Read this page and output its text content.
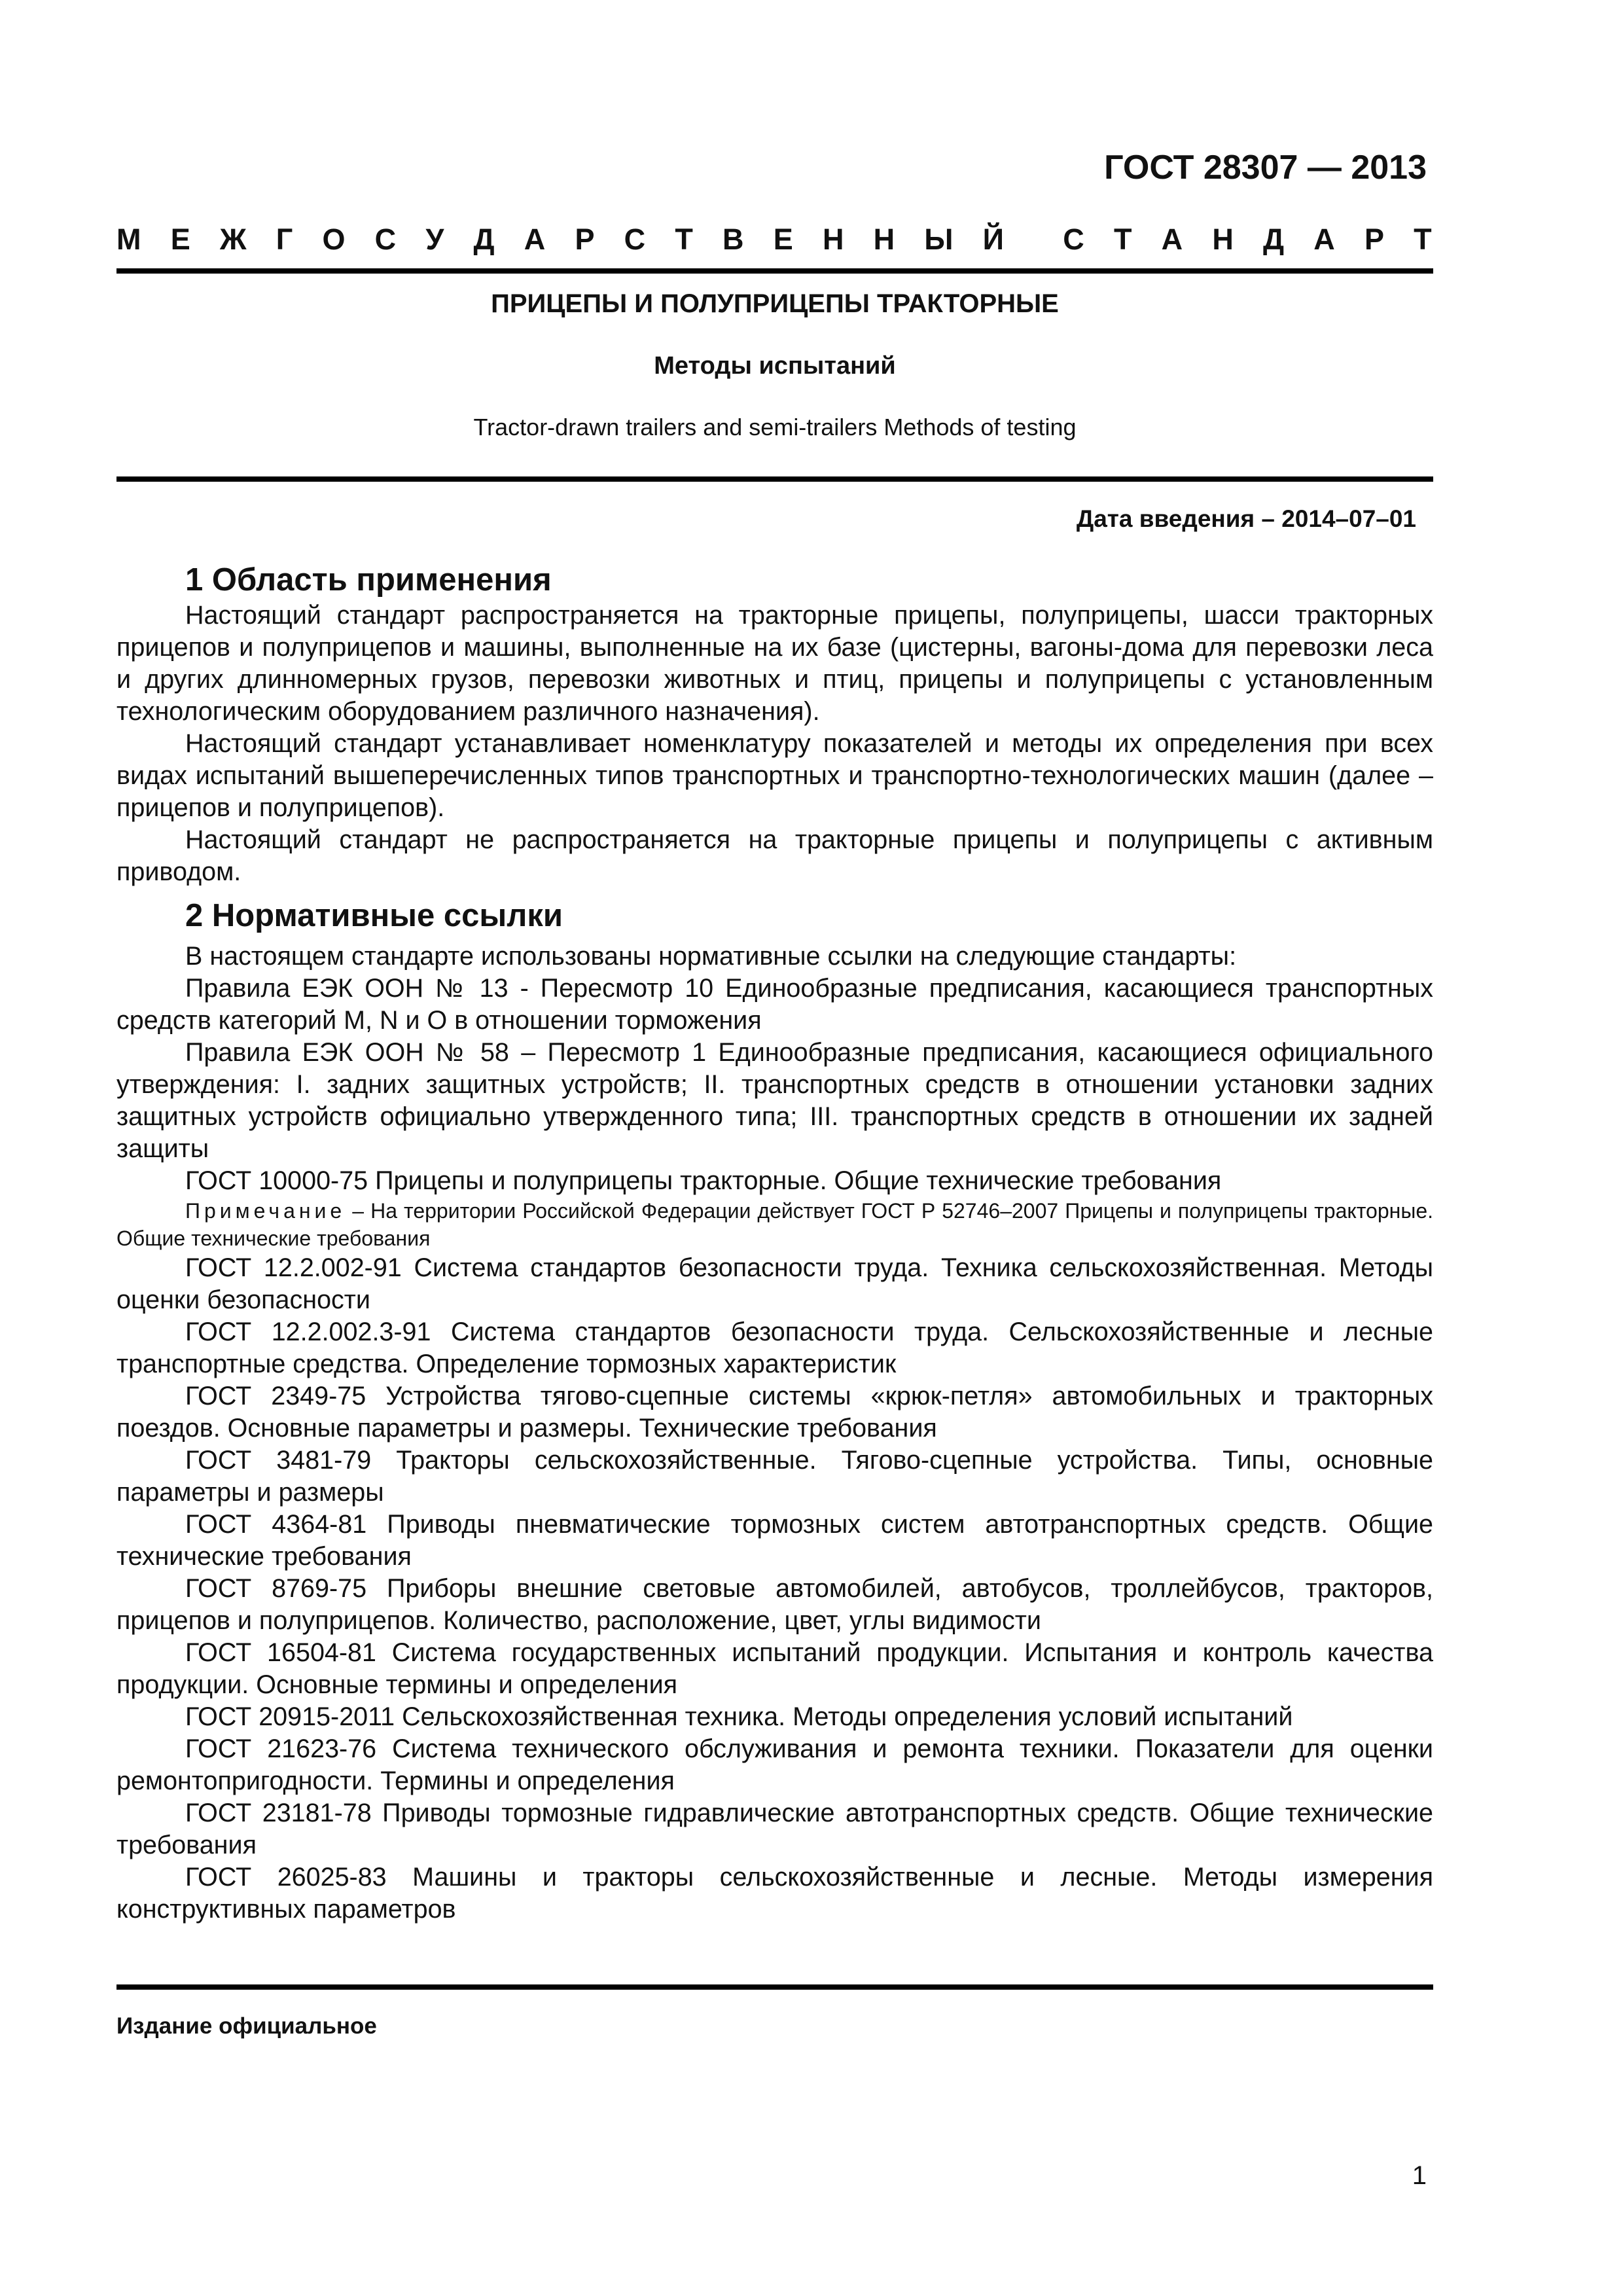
ГОСТ 28307 — 2013
М Е Ж Г О С У Д А Р С Т В Е Н Н Ы Й С Т А Н Д А Р Т
ПРИЦЕПЫ И ПОЛУПРИЦЕПЫ ТРАКТОРНЫЕ
Методы испытаний
Tractor-drawn trailers and semi-trailers Methods of testing
Дата введения – 2014–07–01
1 Область применения

Настоящий стандарт распространяется на тракторные прицепы, полуприцепы, шасси тракторных прицепов и полуприцепов и машины, выполненные на их базе (цистерны, вагоны-дома для перевозки леса и других длинномерных грузов, перевозки животных и птиц, прицепы и полуприцепы с установленным технологическим оборудованием различного назначения).

Настоящий стандарт устанавливает номенклатуру показателей и методы их определения при всех видах испытаний вышеперечисленных типов транспортных и транспортно-технологических машин (далее – прицепов и полуприцепов).

Настоящий стандарт не распространяется на тракторные прицепы и полуприцепы с активным приводом.

2 Нормативные ссылки

В настоящем стандарте использованы нормативные ссылки на следующие стандарты:

Правила ЕЭК ООН № 13 - Пересмотр 10 Единообразные предписания, касающиеся транспортных средств категорий M, N и О в отношении торможения

Правила ЕЭК ООН № 58 – Пересмотр 1 Единообразные предписания, касающиеся официального утверждения: I. задних защитных устройств; II. транспортных средств в отношении установки задних защитных устройств официально утвержденного типа; III. транспортных средств в отношении их задней защиты

ГОСТ 10000-75 Прицепы и полуприцепы тракторные. Общие технические требования

Примечание – На территории Российской Федерации действует ГОСТ Р 52746–2007 Прицепы и полуприцепы тракторные. Общие технические требования

ГОСТ 12.2.002-91 Система стандартов безопасности труда. Техника сельскохозяйственная. Методы оценки безопасности

ГОСТ 12.2.002.3-91 Система стандартов безопасности труда. Сельскохозяйственные и лесные транспортные средства. Определение тормозных характеристик

ГОСТ 2349-75 Устройства тягово-сцепные системы «крюк-петля» автомобильных и тракторных поездов. Основные параметры и размеры. Технические требования

ГОСТ 3481-79 Тракторы сельскохозяйственные. Тягово-сцепные устройства. Типы, основные параметры и размеры

ГОСТ 4364-81 Приводы пневматические тормозных систем автотранспортных средств. Общие технические требования

ГОСТ 8769-75 Приборы внешние световые автомобилей, автобусов, троллейбусов, тракторов, прицепов и полуприцепов. Количество, расположение, цвет, углы видимости

ГОСТ 16504-81 Система государственных испытаний продукции. Испытания и контроль качества продукции. Основные термины и определения

ГОСТ 20915-2011 Сельскохозяйственная техника. Методы определения условий испытаний

ГОСТ 21623-76 Система технического обслуживания и ремонта техники. Показатели для оценки ремонтопригодности. Термины и определения

ГОСТ 23181-78 Приводы тормозные гидравлические автотранспортных средств. Общие технические требования

ГОСТ 26025-83 Машины и тракторы сельскохозяйственные и лесные. Методы измерения конструктивных параметров

Издание официальное
1
